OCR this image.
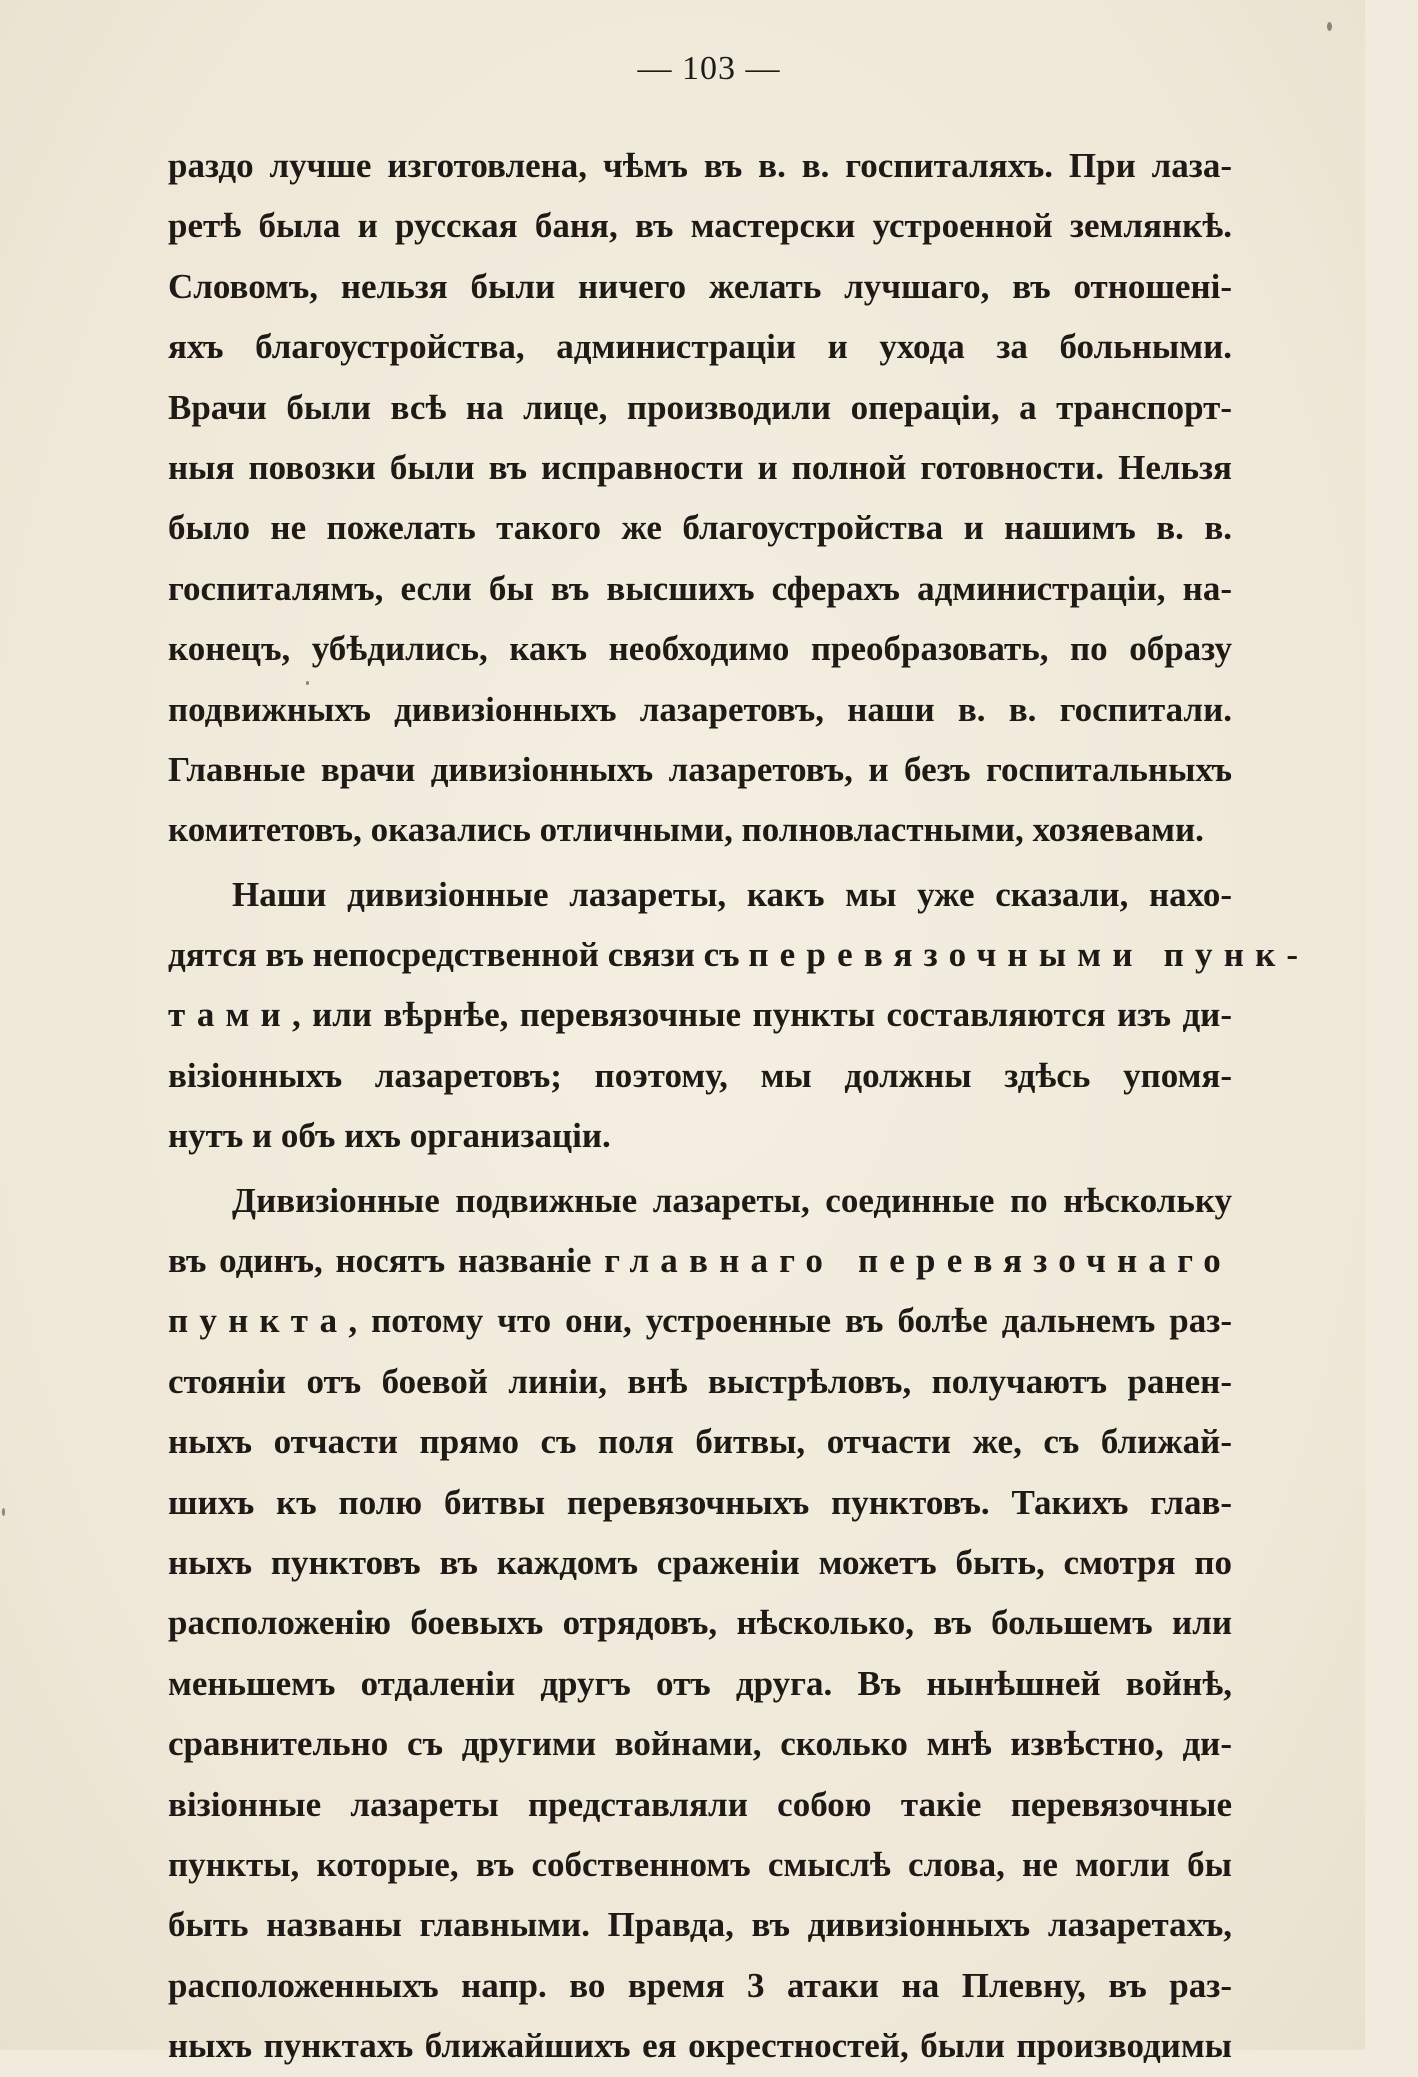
— 103 —
раздо лучше изготовлена, чѣмъ въ в. в. госпиталяхъ. При лаза-
ретѣ была и русская баня, въ мастерски устроенной землянкѣ.
Словомъ, нельзя были ничего желать лучшаго, въ отношені-
яхъ благоустройства, администраціи и ухода за больными.
Врачи были всѣ на лице, производили операціи, а транспорт-
ныя повозки были въ исправности и полной готовности. Нельзя
было не пожелать такого же благоустройства и нашимъ в. в.
госпиталямъ, если бы въ высшихъ сферахъ администраціи, на-
конецъ, убѣдились, какъ необходимо преобразовать, по образу
подвижныхъ дивизіонныхъ лазаретовъ, наши в. в. госпитали.
Главные врачи дивизіонныхъ лазаретовъ, и безъ госпитальныхъ
комитетовъ, оказались отличными, полновластными, хозяевами.
Наши дивизіонные лазареты, какъ мы уже сказали, нахо-
дятся въ непосредственной связи съ перевязочными пунк-
тами, или вѣрнѣе, перевязочные пункты составляются изъ ди-
візіонныхъ лазаретовъ; поэтому, мы должны здѣсь упомя-
нутъ и объ ихъ организаціи.
Дивизіонные подвижные лазареты, соединные по нѣскольку
въ одинъ, носятъ названіе главнаго перевязочнаго
пункта, потому что они, устроенные въ болѣе дальнемъ раз-
стояніи отъ боевой линіи, внѣ выстрѣловъ, получаютъ ранен-
ныхъ отчасти прямо съ поля битвы, отчасти же, съ ближай-
шихъ къ полю битвы перевязочныхъ пунктовъ. Такихъ глав-
ныхъ пунктовъ въ каждомъ сраженіи можетъ быть, смотря по
расположенію боевыхъ отрядовъ, нѣсколько, въ большемъ или
меньшемъ отдаленіи другъ отъ друга. Въ нынѣшней войнѣ,
сравнительно съ другими войнами, сколько мнѣ извѣстно, ди-
візіонные лазареты представляли собою такіе перевязочные
пункты, которые, въ собственномъ смыслѣ слова, не могли бы
быть названы главными. Правда, въ дивизіонныхъ лазаретахъ,
расположенныхъ напр. во время 3 атаки на Плевну, въ раз-
ныхъ пунктахъ ближайшихъ ея окрестностей, были производимы
